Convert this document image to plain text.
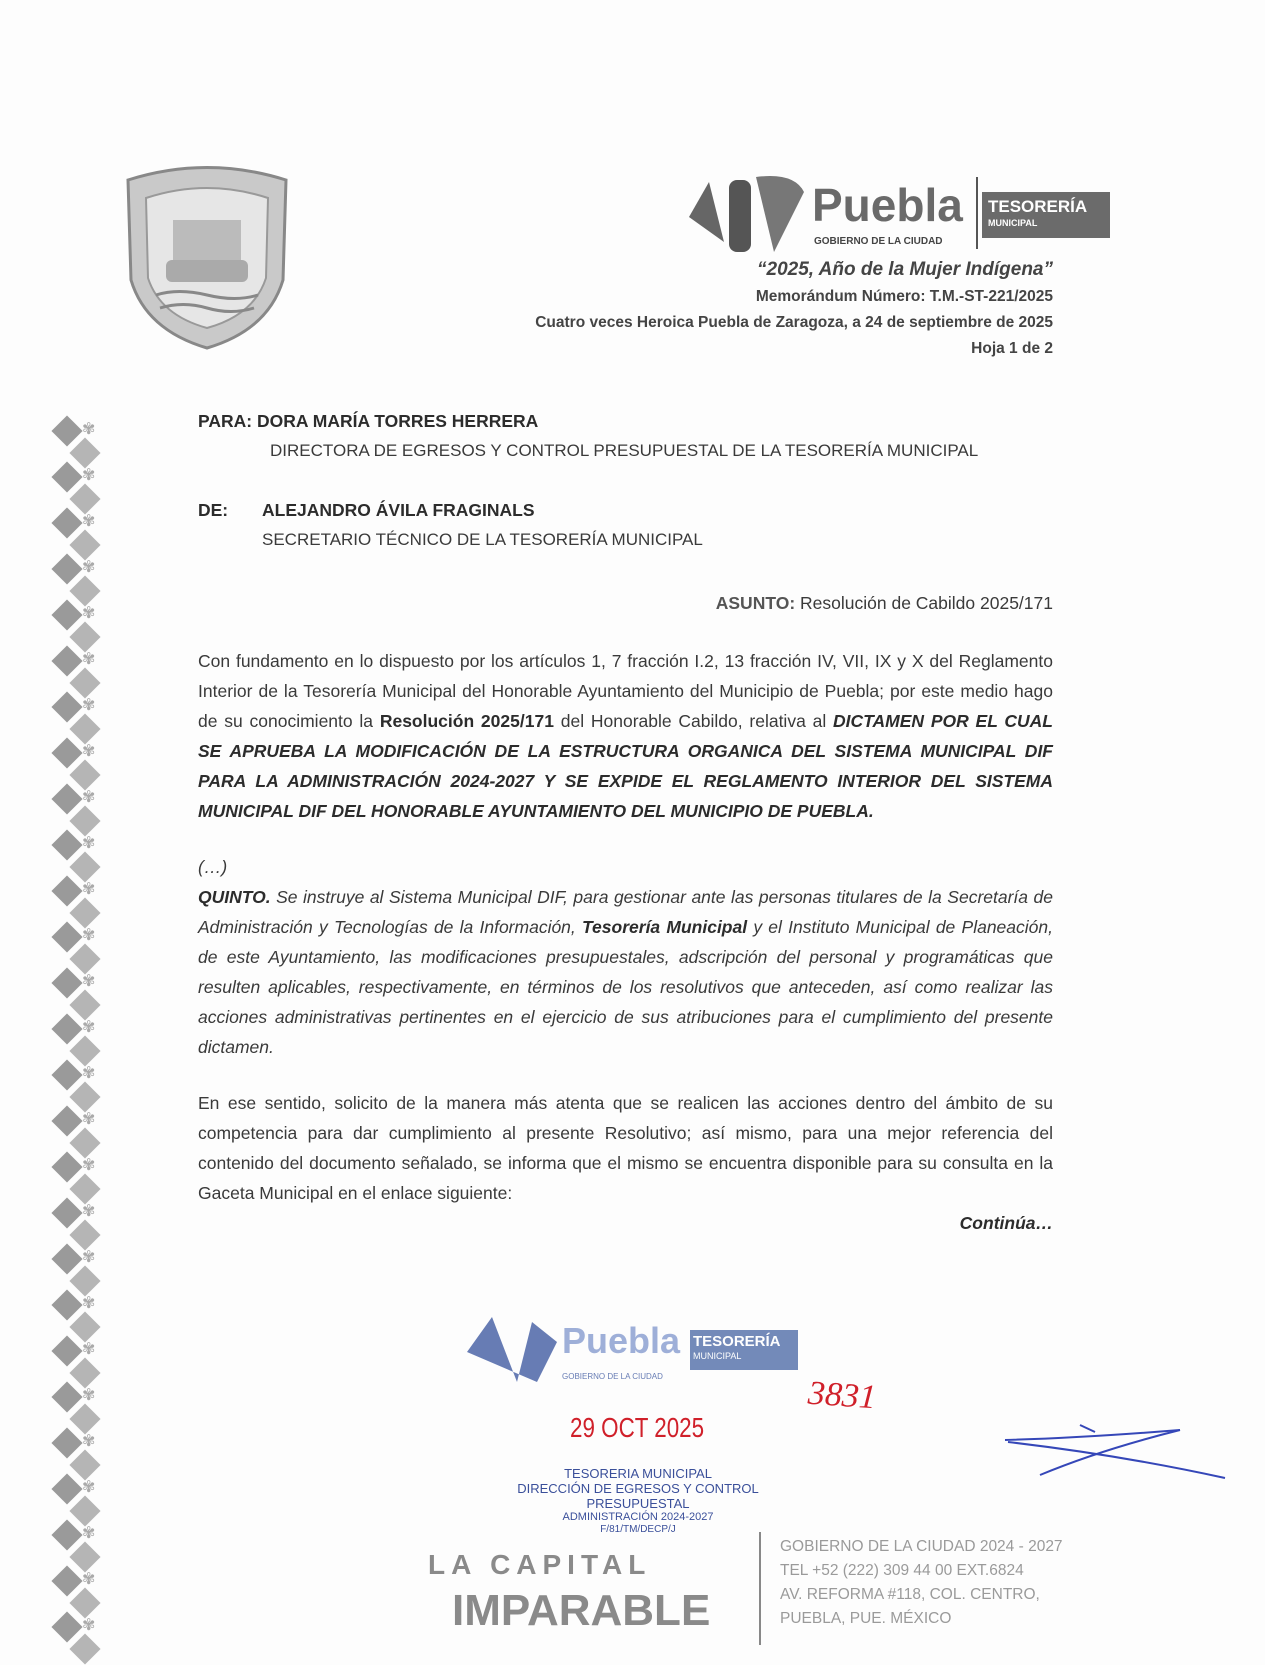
✾
✾
✾
✾
✾
✾
✾
✾
✾
✾
✾
✾
✾
✾
✾
✾
✾
✾
✾
✾
✾
✾
✾
✾
✾
✾
✾
Puebla
GOBIERNO DE LA CIUDAD
TESORERÍA
MUNICIPAL
“2025, Año de la Mujer Indígena”
Memorándum Número: T.M.-ST-221/2025
Cuatro veces Heroica Puebla de Zaragoza, a 24 de septiembre de 2025
Hoja 1 de 2
PARA: DORA MARÍA TORRES HERRERA
DIRECTORA DE EGRESOS Y CONTROL PRESUPUESTAL DE LA TESORERÍA MUNICIPAL
DE: ALEJANDRO ÁVILA FRAGINALS
SECRETARIO TÉCNICO DE LA TESORERÍA MUNICIPAL
ASUNTO: Resolución de Cabildo 2025/171
Con fundamento en lo dispuesto por los artículos 1, 7 fracción I.2, 13 fracción IV, VII, IX y X del Reglamento Interior de la Tesorería Municipal del Honorable Ayuntamiento del Municipio de Puebla; por este medio hago de su conocimiento la Resolución 2025/171 del Honorable Cabildo, relativa al DICTAMEN POR EL CUAL SE APRUEBA LA MODIFICACIÓN DE LA ESTRUCTURA ORGANICA DEL SISTEMA MUNICIPAL DIF PARA LA ADMINISTRACIÓN 2024-2027 Y SE EXPIDE EL REGLAMENTO INTERIOR DEL SISTEMA MUNICIPAL DIF DEL HONORABLE AYUNTAMIENTO DEL MUNICIPIO DE PUEBLA.
(…)
QUINTO. Se instruye al Sistema Municipal DIF, para gestionar ante las personas titulares de la Secretaría de Administración y Tecnologías de la Información, Tesorería Municipal y el Instituto Municipal de Planeación, de este Ayuntamiento, las modificaciones presupuestales, adscripción del personal y programáticas que resulten aplicables, respectivamente, en términos de los resolutivos que anteceden, así como realizar las acciones administrativas pertinentes en el ejercicio de sus atribuciones para el cumplimiento del presente dictamen.
En ese sentido, solicito de la manera más atenta que se realicen las acciones dentro del ámbito de su competencia para dar cumplimiento al presente Resolutivo; así mismo, para una mejor referencia del contenido del documento señalado, se informa que el mismo se encuentra disponible para su consulta en la Gaceta Municipal en el enlace siguiente:
Continúa…
Puebla
GOBIERNO DE LA CIUDAD
TESORERÍA
MUNICIPAL
3831
29 OCT 2025
TESORERIA MUNICIPAL
DIRECCIÓN DE EGRESOS Y CONTROL
PRESUPUESTAL
ADMINISTRACIÓN 2024-2027
F/81/TM/DECP/J
LA CAPITAL
IMPARABLE
GOBIERNO DE LA CIUDAD 2024 - 2027
TEL +52 (222) 309 44 00 EXT.6824
AV. REFORMA #118, COL. CENTRO,
PUEBLA, PUE. MÉXICO
